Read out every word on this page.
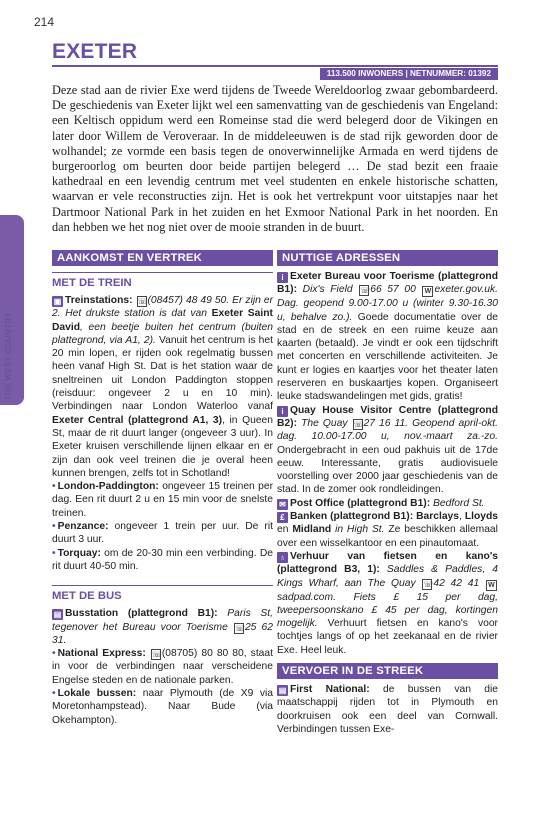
214
EXETER
113.500 INWONERS | NETNUMMER: 01392
THE WEST COUNTRY
Deze stad aan de rivier Exe werd tijdens de Tweede Wereldoorlog zwaar gebombardeerd. De geschiedenis van Exeter lijkt wel een samenvatting van de geschiedenis van Engeland: een Keltisch oppidum werd een Romeinse stad die werd belegerd door de Vikingen en later door Willem de Veroveraar. In de middeleeuwen is de stad rijk geworden door de wolhandel; ze vormde een basis tegen de onoverwinnelijke Armada en werd tijdens de burgeroorlog om beurten door beide partijen belegerd … De stad bezit een fraaie kathedraal en een levendig centrum met veel studenten en enkele historische schatten, waarvan er vele reconstructies zijn. Het is ook het vertrekpunt voor uitstapjes naar het Dartmoor National Park in het zuiden en het Exmoor National Park in het noorden. En dan hebben we het nog niet over de mooie stranden in de buurt.
AANKOMST EN VERTREK
MET DE TREIN
▣ Treinstations: ☏(08457) 48 49 50. Er zijn er 2. Het drukste station is dat van Exeter Saint David, een beetje buiten het centrum (buiten plattegrond, via A1, 2). Vanuit het centrum is het 20 min lopen, er rijden ook regelmatig bussen heen vanaf High St. Dat is het station waar de sneltreinen uit London Paddington stoppen (reisduur: ongeveer 2 u en 10 min). Verbindingen naar London Waterloo vanaf Exeter Central (plattegrond A1, 3), in Queen St, maar de rit duurt langer (ongeveer 3 uur). In Exeter kruisen verschillende lijnen elkaar en er zijn dan ook veel treinen die je overal heen kunnen brengen, zelfs tot in Schotland!
• London-Paddington: ongeveer 15 treinen per dag. Een rit duurt 2 u en 15 min voor de snelste treinen.
• Penzance: ongeveer 1 trein per uur. De rit duurt 3 uur.
• Torquay: om de 20-30 min een verbinding. De rit duurt 40-50 min.
MET DE BUS
▤ Busstation (plattegrond B1): Paris St, tegenover het Bureau voor Toerisme ☏25 62 31.
• National Express: ☏(08705) 80 80 80, staat in voor de verbindingen naar verscheidene Engelse steden en de nationale parken.
• Lokale bussen: naar Plymouth (de X9 via Moretonhampstead). Naar Bude (via Okehampton).
NUTTIGE ADRESSEN
i Exeter Bureau voor Toerisme (plattegrond B1): Dix's Field ☏66 57 00 W exeter.gov.uk. Dag. geopend 9.00-17.00 u (winter 9.30-16.30 u, behalve zo.). Goede documentatie over de stad en de streek en een ruime keuze aan kaarten (betaald). Je vindt er ook een tijdschrift met concerten en verschillende activiteiten. Je kunt er logies en kaartjes voor het theater laten reserveren en buskaartjes kopen. Organiseert leuke stadswandelingen met gids, gratis!
i Quay House Visitor Centre (plattegrond B2): The Quay ☏27 16 11. Geopend april-okt. dag. 10.00-17.00 u, nov.-maart za.-zo. Ondergebracht in een oud pakhuis uit de 17de eeuw. Interessante, gratis audiovisuele voorstelling over 2000 jaar geschiedenis van de stad. In de zomer ook rondleidingen.
✉ Post Office (plattegrond B1): Bedford St.
₤ Banken (plattegrond B1): Barclays, Lloyds en Midland in High St. Ze beschikken allemaal over een wisselkantoor en een pinautomaat.
♁ Verhuur van fietsen en kano's (plattegrond B3, 1): Saddles & Paddles, 4 Kings Wharf, aan The Quay ☏42 42 41 Wsadpad.com. Fiets £ 15 per dag, tweepersoonskano £ 45 per dag, kortingen mogelijk. Verhuurt fietsen en kano's voor tochtjes langs of op het zeekanaal en de rivier Exe. Heel leuk.
VERVOER IN DE STREEK
▤ First National: de bussen van die maatschappij rijden tot in Plymouth en doorkruisen ook een deel van Cornwall. Verbindingen tussen Exe-
